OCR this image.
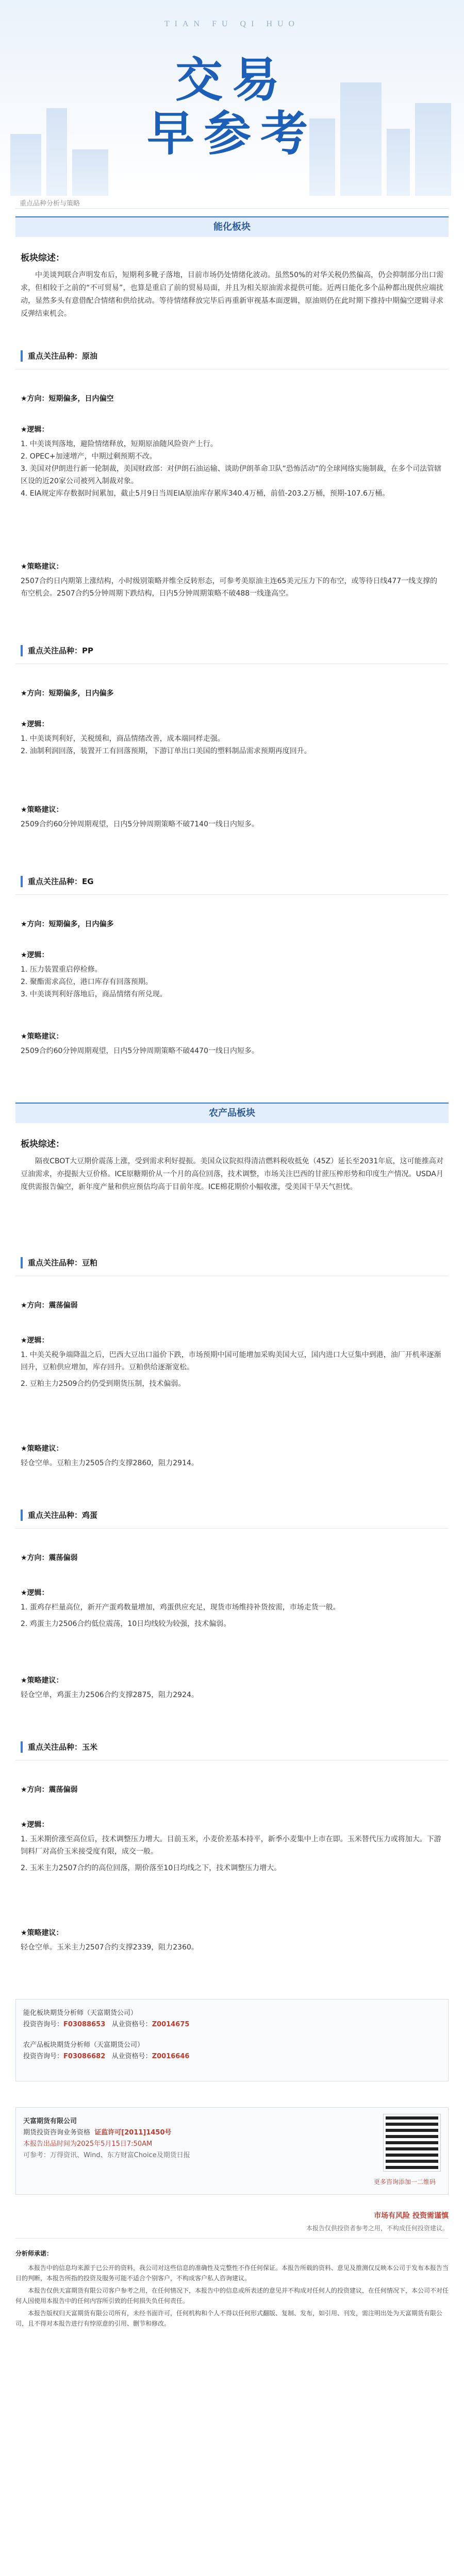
TIAN FU QI HUO
交易
早参考
重点品种分析与策略
能化板块
板块综述：

中美谈判联合声明发布后，短期利多靴子落地，目前市场仍处情绪化波动。虽然50%的对华关税仍然偏高，仍会抑制部分出口需求，但相较于之前的“不可贸易”，也算是重启了前的贸易局面，并且为相关原油需求提供可能。近两日能化多个品种都出现供应端扰动，显然多头有意借配合情绪和供给扰动。等待情绪释放完毕后再重新审视基本面逻辑，原油则仍在此时期下推持中期偏空逻辑寻求反弹结束机会。

重点关注品种：原油
★方向：短期偏多，日内偏空
★逻辑：
1. 中美谈判落地，避险情绪释放，短期原油随风险资产上行。
2. OPEC+加速增产，中期过剩预期不改。
3. 美国对伊朗进行新一轮制裁，美国财政部：对伊朗石油运输、谈助伊朗革命卫队“恐怖活动”的全球网络实施制裁，在多个司法管辖区设的近20家公司被列入制裁对象。
4. EIA规定库存数据时间累加，截止5月9日当周EIA原油库存累库340.4万桶，前值-203.2万桶，预期-107.6万桶。
★策略建议：
2507合约日内期第上涨结构，小时级别策略并维全反转形态，可参考美原油主连65美元压力下的布空，或等待日线477一线支撑的布空机会。2507合约5分钟周期下跌结构，日内5分钟周期策略不破488一线逢高空。
重点关注品种：PP
★方向：短期偏多，日内偏多
★逻辑：
1. 中美谈判利好，关税缓和，商品情绪改善，成本端同样走强。
2. 油制利润回落，装置开工有回落预期，下游订单出口美国的塑料制品需求预期再度回升。
★策略建议：
2509合约60分钟周期观望，日内5分钟周期策略不破7140一线日内短多。
重点关注品种：EG
★方向：短期偏多，日内偏多
★逻辑：
1. 压力装置重启停检修。
2. 聚酯需求高位，港口库存有回落预期。
3. 中美谈判利好落地后，商品情绪有所兑现。
★策略建议：
2509合约60分钟周期观望，日内5分钟周期策略不破4470一线日内短多。
农产品板块
板块综述：

隔夜CBOT大豆期价震荡上涨，受到需求利好提振。美国众议院拟得清洁燃料税收抵免（45Z）延长至2031年底，这可能推高对豆油需求，亦提振大豆价格。ICE原糖期价从一个月的高位回落，技术调整，市场关注巴西的甘蔗压榨形势和印度生产情况。USDA月度供需报告偏空，新年度产量和供应预估均高于目前年度。ICE棉花期价小幅收涨，受美国干旱天气担忧。

重点关注品种：豆粕
★方向：震荡偏弱
★逻辑：
1. 中美关税争端降温之后，巴西大豆出口溢价下跌，市场预期中国可能增加采购美国大豆，国内进口大豆集中到港，油厂开机率逐渐回升，豆粕供应增加，库存回升。豆粕供给逐渐宽松。
2. 豆粕主力2509合约仍受到期货压制，技术偏弱。
★策略建议：
轻仓空单。豆粕主力2505合约支撑2860，阻力2914。
重点关注品种：鸡蛋
★方向：震荡偏弱
★逻辑：
1. 蛋鸡存栏量高位，新开产蛋鸡数量增加，鸡蛋供应充足，现货市场维持补货按需，市场走货一般。
2. 鸡蛋主力2506合约低位震荡，10日均线较为较强，技术偏弱。
★策略建议：
轻仓空单，鸡蛋主力2506合约支撑2875，阻力2924。
重点关注品种：玉米
★方向：震荡偏弱
★逻辑：
1. 玉米期价涨至高位后，技术调整压力增大。目前玉米，小麦价差基本持平，新季小麦集中上市在即。玉米替代压力或将加大。下游饲料厂对高价玉米接受度有限，成交一般。
2. 玉米主力2507合约的高位回落，期价落至10日均线之下，技术调整压力增大。
★策略建议：
轻仓空单。玉米主力2507合约支撑2339，阻力2360。
能化板块期货分析师（天富期货公司）
投资咨询号：F03088653 从业资格号：Z0014675
农产品板块期货分析师（天富期货公司）
投资咨询号：F03086682 从业资格号：Z0016646
天富期货有限公司
期货投资咨询业务资格 证监许可[2011]1450号
本报告出品时间为2025年5月15日7:50AM
可参考：万得资讯、Wind、东方财富Choice及期货日报
更多咨询添加一二维码
市场有风险 投资需谨慎
本报告仅供投资者参考之用，不构成任何投资建议。
分析师承诺：

本报告中的信息均来源于已公开的资料，我公司对这些信息的准确性及完整性不作任何保证。本报告所载的资料、意见及推测仅反映本公司于发布本报告当日的判断，本报告所指的投资及服务可能不适合个别客户，不构成客户私人咨询建议。

本报告仅供天富期货有限公司客户参考之用，在任何情况下，本报告中的信息或所表述的意见并不构成对任何人的投资建议，在任何情况下，本公司不对任何人因使用本报告中的任何内容所引致的任何损失负任何责任。

本报告版权归天富期货有限公司所有，未经书面许可，任何机构和个人不得以任何形式翻版、复制、发布，如引用、刊发，需注明出处为天富期货有限公司，且不得对本报告进行有悖原意的引用、删节和修改。
